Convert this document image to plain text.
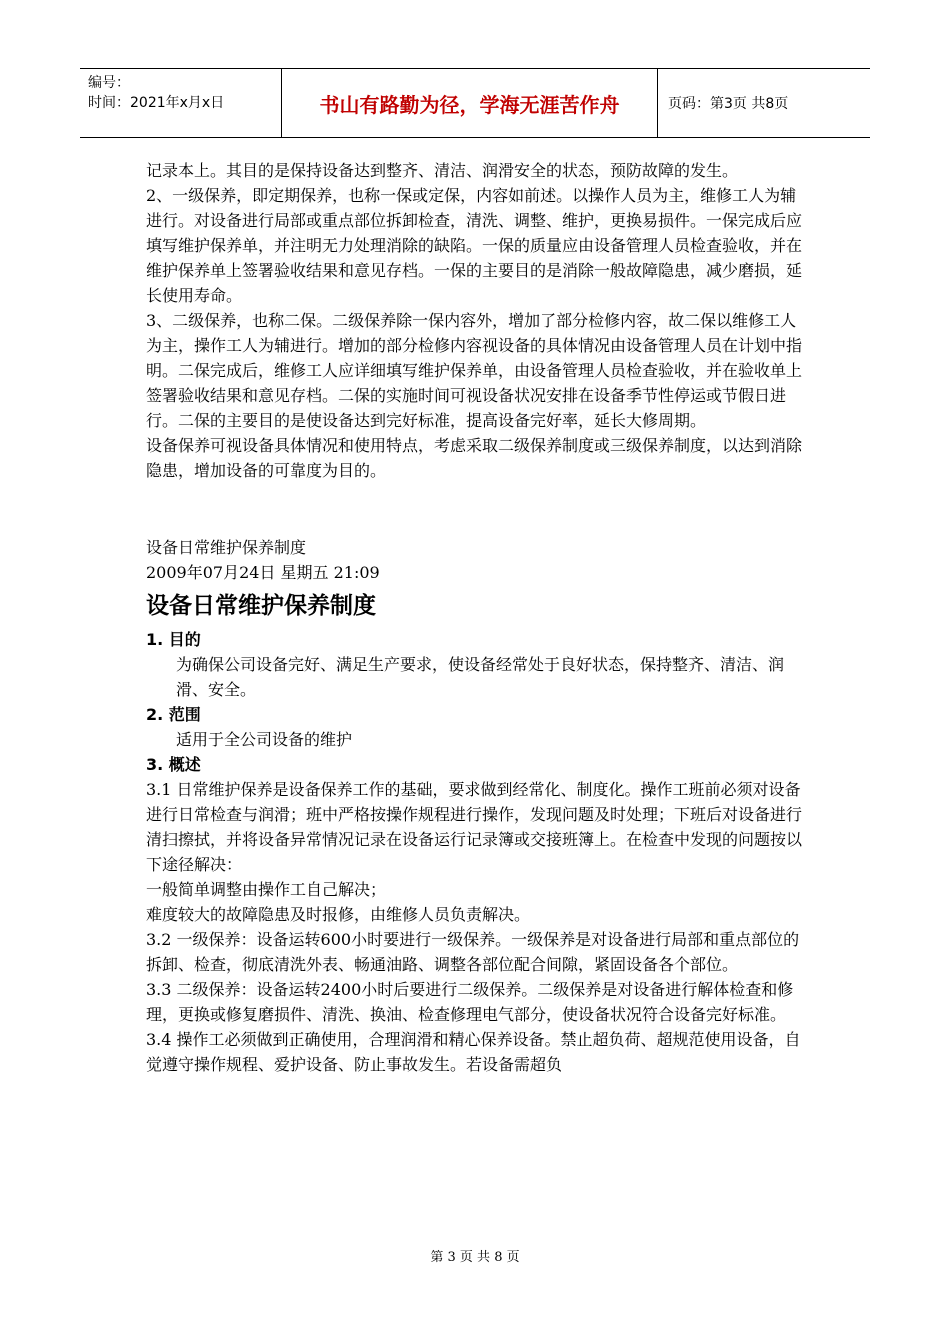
编号：
时间：2021年x月x日	书山有路勤为径，学海无涯苦作舟	页码：第3页 共8页

记录本上。其目的是保持设备达到整齐、清洁、润滑安全的状态，预防故障的发生。

2、一级保养，即定期保养，也称一保或定保，内容如前述。以操作人员为主，维修工人为辅进行。对设备进行局部或重点部位拆卸检查，清洗、调整、维护，更换易损件。一保完成后应填写维护保养单，并注明无力处理消除的缺陷。一保的质量应由设备管理人员检查验收，并在维护保养单上签署验收结果和意见存档。一保的主要目的是消除一般故障隐患，减少磨损，延长使用寿命。

3、二级保养，也称二保。二级保养除一保内容外，增加了部分检修内容，故二保以维修工人为主，操作工人为辅进行。增加的部分检修内容视设备的具体情况由设备管理人员在计划中指明。二保完成后，维修工人应详细填写维护保养单，由设备管理人员检查验收，并在验收单上签署验收结果和意见存档。二保的实施时间可视设备状况安排在设备季节性停运或节假日进行。二保的主要目的是使设备达到完好标准，提高设备完好率，延长大修周期。

设备保养可视设备具体情况和使用特点，考虑采取二级保养制度或三级保养制度，以达到消除隐患，增加设备的可靠度为目的。

设备日常维护保养制度

2009年07月24日 星期五 21:09

设备日常维护保养制度
1. 目的

为确保公司设备完好、满足生产要求，使设备经常处于良好状态，保持整齐、清洁、润滑、安全。

2. 范围

适用于全公司设备的维护

3. 概述

3.1 日常维护保养是设备保养工作的基础，要求做到经常化、制度化。操作工班前必须对设备进行日常检查与润滑；班中严格按操作规程进行操作，发现问题及时处理；下班后对设备进行清扫擦拭，并将设备异常情况记录在设备运行记录簿或交接班簿上。在检查中发现的问题按以下途径解决：

一般简单调整由操作工自己解决；

难度较大的故障隐患及时报修，由维修人员负责解决。

3.2 一级保养：设备运转600小时要进行一级保养。一级保养是对设备进行局部和重点部位的拆卸、检查，彻底清洗外表、畅通油路、调整各部位配合间隙，紧固设备各个部位。

3.3 二级保养：设备运转2400小时后要进行二级保养。二级保养是对设备进行解体检查和修理，更换或修复磨损件、清洗、换油、检查修理电气部分，使设备状况符合设备完好标准。

3.4 操作工必须做到正确使用，合理润滑和精心保养设备。禁止超负荷、超规范使用设备，自觉遵守操作规程、爱护设备、防止事故发生。若设备需超负

第 3 页 共 8 页
